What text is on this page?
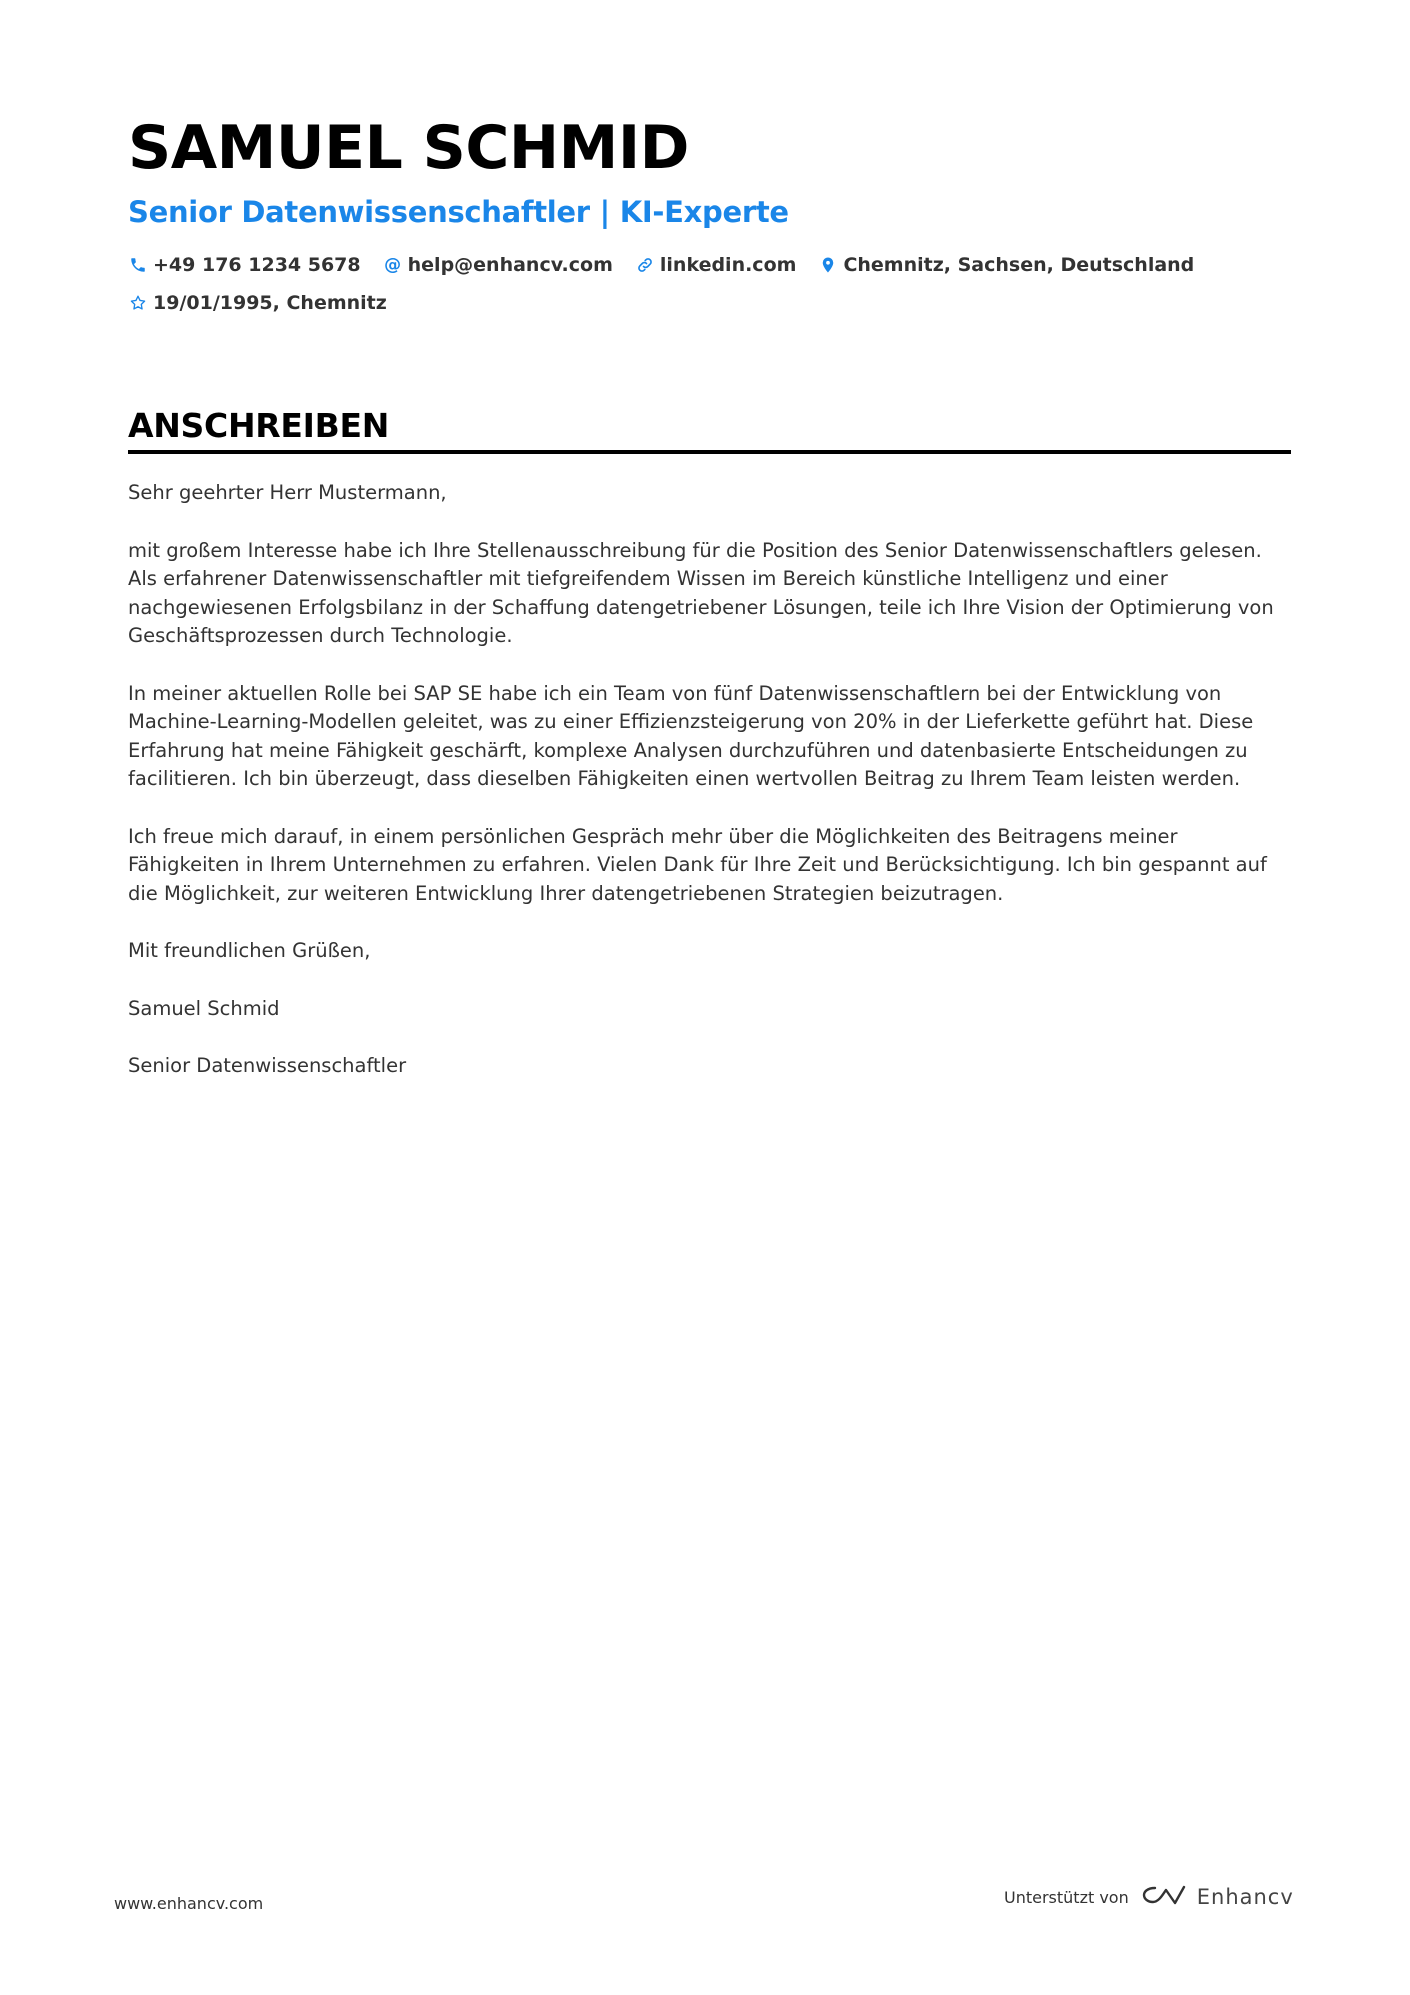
SAMUEL SCHMID
Senior Datenwissenschaftler | KI-Experte
+49 176 1234 5678 @ help@enhancv.com linkedin.com Chemnitz, Sachsen, Deutschland
19/01/1995, Chemnitz
ANSCHREIBEN

Sehr geehrter Herr Mustermann,

mit großem Interesse habe ich Ihre Stellenausschreibung für die Position des Senior Datenwissenschaftlers gelesen. Als erfahrener Datenwissenschaftler mit tiefgreifendem Wissen im Bereich künstliche Intelligenz und einer nachgewiesenen Erfolgsbilanz in der Schaffung datengetriebener Lösungen, teile ich Ihre Vision der Optimierung von Geschäftsprozessen durch Technologie.

In meiner aktuellen Rolle bei SAP SE habe ich ein Team von fünf Datenwissenschaftlern bei der Entwicklung von Machine-Learning-Modellen geleitet, was zu einer Effizienzsteigerung von 20% in der Lieferkette geführt hat. Diese Erfahrung hat meine Fähigkeit geschärft, komplexe Analysen durchzuführen und datenbasierte Entscheidungen zu facilitieren. Ich bin überzeugt, dass dieselben Fähigkeiten einen wertvollen Beitrag zu Ihrem Team leisten werden.

Ich freue mich darauf, in einem persönlichen Gespräch mehr über die Möglichkeiten des Beitragens meiner Fähigkeiten in Ihrem Unternehmen zu erfahren. Vielen Dank für Ihre Zeit und Berücksichtigung. Ich bin gespannt auf die Möglichkeit, zur weiteren Entwicklung Ihrer datengetriebenen Strategien beizutragen.

Mit freundlichen Grüßen,

Samuel Schmid

Senior Datenwissenschaftler

www.enhancv.com	Unterstützt von	Enhancv
